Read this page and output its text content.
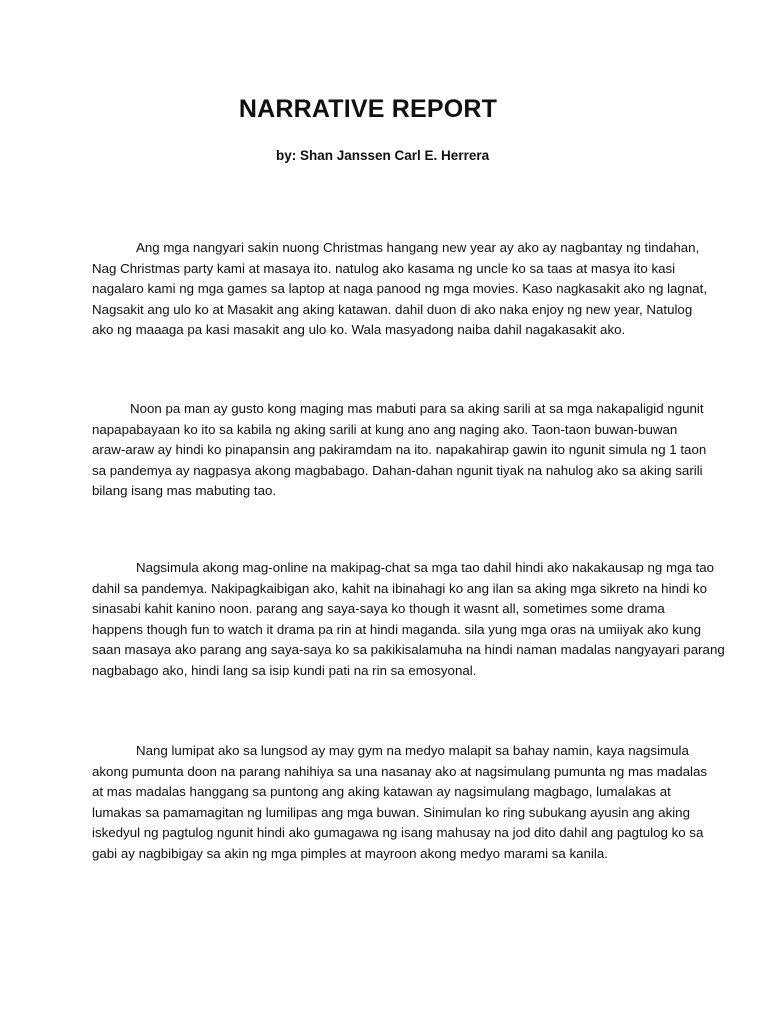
NARRATIVE REPORT
by: Shan Janssen Carl E. Herrera
Ang mga nangyari sakin nuong Christmas hangang new year ay ako ay nagbantay ng tindahan,
Nag Christmas party kami at masaya ito. natulog ako kasama ng uncle ko sa taas at masya ito kasi
nagalaro kami ng mga games sa laptop at naga panood ng mga movies. Kaso nagkasakit ako ng lagnat,
Nagsakit ang ulo ko at Masakit ang aking katawan. dahil duon di ako naka enjoy ng new year, Natulog
ako ng maaaga pa kasi masakit ang ulo ko. Wala masyadong naiba dahil nagakasakit ako.
Noon pa man ay gusto kong maging mas mabuti para sa aking sarili at sa mga nakapaligid ngunit
napapabayaan ko ito sa kabila ng aking sarili at kung ano ang naging ako. Taon-taon buwan-buwan
araw-araw ay hindi ko pinapansin ang pakiramdam na ito. napakahirap gawin ito ngunit simula ng 1 taon
sa pandemya ay nagpasya akong magbabago. Dahan-dahan ngunit tiyak na nahulog ako sa aking sarili
bilang isang mas mabuting tao.
Nagsimula akong mag-online na makipag-chat sa mga tao dahil hindi ako nakakausap ng mga tao
dahil sa pandemya. Nakipagkaibigan ako, kahit na ibinahagi ko ang ilan sa aking mga sikreto na hindi ko
sinasabi kahit kanino noon. parang ang saya-saya ko though it wasnt all, sometimes some drama
happens though fun to watch it drama pa rin at hindi maganda. sila yung mga oras na umiiyak ako kung
saan masaya ako parang ang saya-saya ko sa pakikisalamuha na hindi naman madalas nangyayari parang
nagbabago ako, hindi lang sa isip kundi pati na rin sa emosyonal.
Nang lumipat ako sa lungsod ay may gym na medyo malapit sa bahay namin, kaya nagsimula
akong pumunta doon na parang nahihiya sa una nasanay ako at nagsimulang pumunta ng mas madalas
at mas madalas hanggang sa puntong ang aking katawan ay nagsimulang magbago, lumalakas at
lumakas sa pamamagitan ng lumilipas ang mga buwan. Sinimulan ko ring subukang ayusin ang aking
iskedyul ng pagtulog ngunit hindi ako gumagawa ng isang mahusay na jod dito dahil ang pagtulog ko sa
gabi ay nagbibigay sa akin ng mga pimples at mayroon akong medyo marami sa kanila.
